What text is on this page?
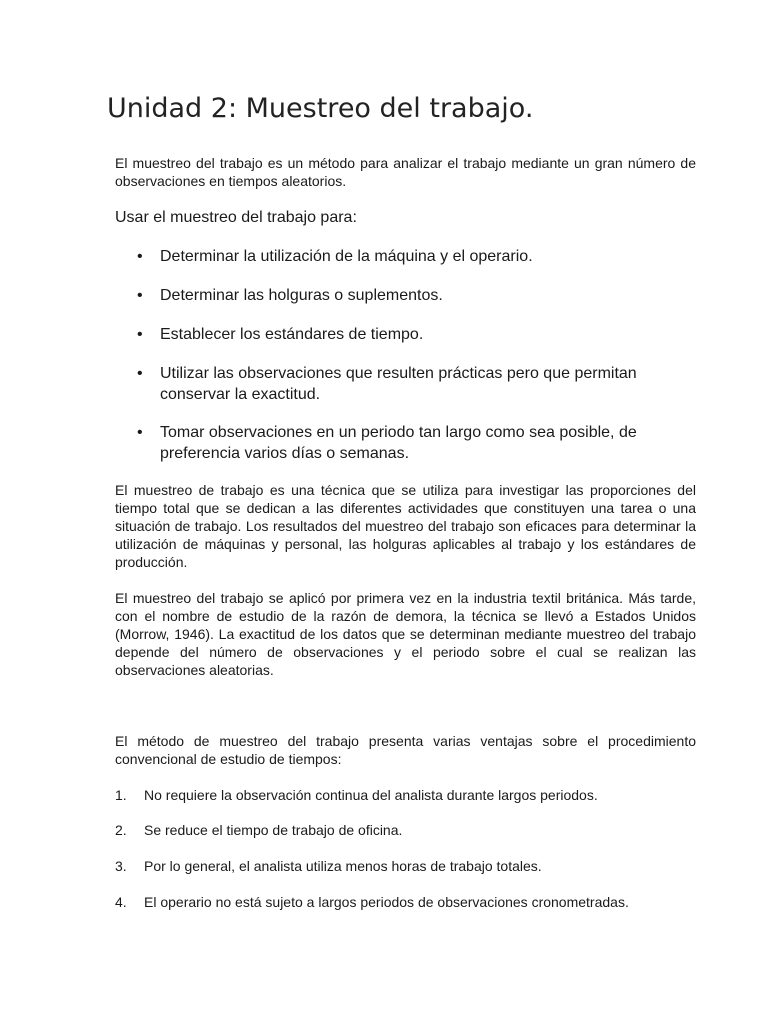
Unidad 2: Muestreo del trabajo.

El muestreo del trabajo es un método para analizar el trabajo mediante un gran número de observaciones en tiempos aleatorios.

Usar el muestreo del trabajo para:

•	Determinar la utilización de la máquina y el operario.
•	Determinar las holguras o suplementos.
•	Establecer los estándares de tiempo.
•	Utilizar las observaciones que resulten prácticas pero que permitan conservar la exactitud.
•	Tomar observaciones en un periodo tan largo como sea posible, de preferencia varios días o semanas.

El muestreo de trabajo es una técnica que se utiliza para investigar las proporciones del tiempo total que se dedican a las diferentes actividades que constituyen una tarea o una situación de trabajo. Los resultados del muestreo del trabajo son eficaces para determinar la utilización de máquinas y personal, las holguras aplicables al trabajo y los estándares de producción.

El muestreo del trabajo se aplicó por primera vez en la industria textil británica. Más tarde, con el nombre de estudio de la razón de demora, la técnica se llevó a Estados Unidos (Morrow, 1946). La exactitud de los datos que se determinan mediante muestreo del trabajo depende del número de observaciones y el periodo sobre el cual se realizan las observaciones aleatorias.

El método de muestreo del trabajo presenta varias ventajas sobre el procedimiento convencional de estudio de tiempos:

1. No requiere la observación continua del analista durante largos periodos.
2. Se reduce el tiempo de trabajo de oficina.
3. Por lo general, el analista utiliza menos horas de trabajo totales.
4. El operario no está sujeto a largos periodos de observaciones cronometradas.
